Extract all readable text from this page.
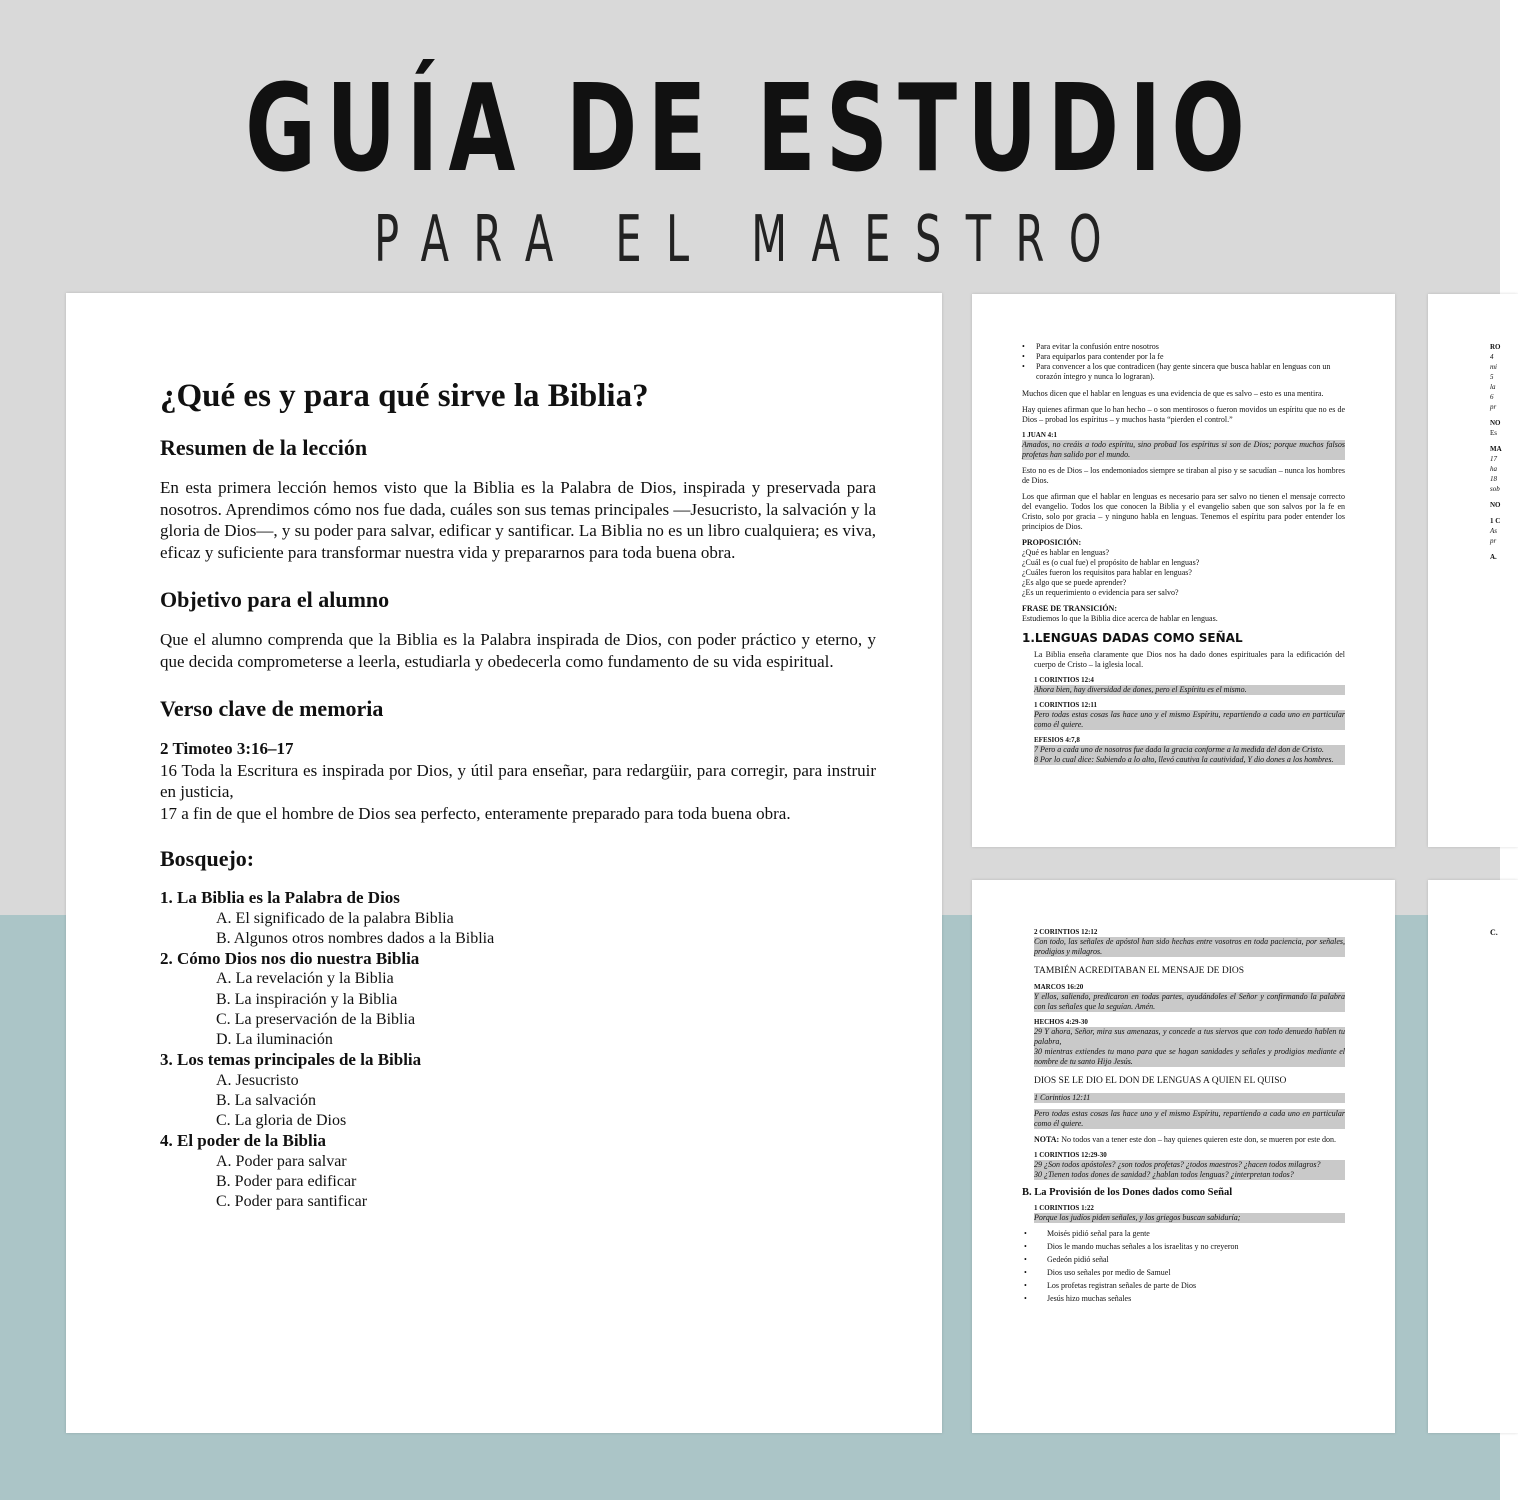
GUÍA DE ESTUDIO
PARA EL MAESTRO
¿Qué es y para qué sirve la Biblia?
Resumen de la lección

En esta primera lección hemos visto que la Biblia es la Palabra de Dios, inspirada y preservada para nosotros. Aprendimos cómo nos fue dada, cuáles son sus temas principales —Jesucristo, la salvación y la gloria de Dios—, y su poder para salvar, edificar y santificar. La Biblia no es un libro cualquiera; es viva, eficaz y suficiente para transformar nuestra vida y prepararnos para toda buena obra.

Objetivo para el alumno

Que el alumno comprenda que la Biblia es la Palabra inspirada de Dios, con poder práctico y eterno, y que decida comprometerse a leerla, estudiarla y obedecerla como fundamento de su vida espiritual.

Verso clave de memoria
2 Timoteo 3:16–17
16 Toda la Escritura es inspirada por Dios, y útil para enseñar, para redargüir, para corregir, para instruir en justicia,
17 a fin de que el hombre de Dios sea perfecto, enteramente preparado para toda buena obra.
Bosquejo:
1. La Biblia es la Palabra de Dios
A. El significado de la palabra Biblia
B. Algunos otros nombres dados a la Biblia
2. Cómo Dios nos dio nuestra Biblia
A. La revelación y la Biblia
B. La inspiración y la Biblia
C. La preservación de la Biblia
D. La iluminación
3. Los temas principales de la Biblia
A. Jesucristo
B. La salvación
C. La gloria de Dios
4. El poder de la Biblia
A. Poder para salvar
B. Poder para edificar
C. Poder para santificar
• Para evitar la confusión entre nosotros
• Para equiparlos para contender por la fe
• Para convencer a los que contradicen (hay gente sincera que busca hablar en lenguas con un corazón íntegro y nunca lo lograran).

Muchos dicen que el hablar en lenguas es una evidencia de que es salvo – esto es una mentira.

Hay quienes afirman que lo han hecho – o son mentirosos o fueron movidos un espíritu que no es de Dios – probad los espíritus – y muchos hasta “pierden el control.”

1 JUAN 4:1
Amados, no creáis a todo espíritu, sino probad los espíritus si son de Dios; porque muchos falsos profetas han salido por el mundo.

Esto no es de Dios – los endemoniados siempre se tiraban al piso y se sacudían – nunca los hombres de Dios.

Los que afirman que el hablar en lenguas es necesario para ser salvo no tienen el mensaje correcto del evangelio. Todos los que conocen la Biblia y el evangelio saben que son salvos por la fe en Cristo, solo por gracia – y ninguno habla en lenguas. Tenemos el espíritu para poder entender los principios de Dios.

PROPOSICIÓN:
¿Qué es hablar en lenguas?
¿Cuál es (o cual fue) el propósito de hablar en lenguas?
¿Cuáles fueron los requisitos para hablar en lenguas?
¿Es algo que se puede aprender?
¿Es un requerimiento o evidencia para ser salvo?
FRASE DE TRANSICIÓN:
Estudiemos lo que la Biblia dice acerca de hablar en lenguas.
1.LENGUAS DADAS COMO SEÑAL

La Biblia enseña claramente que Dios nos ha dado dones espirituales para la edificación del cuerpo de Cristo – la iglesia local.

1 CORINTIOS 12:4
Ahora bien, hay diversidad de dones, pero el Espíritu es el mismo.
1 CORINTIOS 12:11
Pero todas estas cosas las hace uno y el mismo Espíritu, repartiendo a cada uno en particular como él quiere.
EFESIOS 4:7,8
7 Pero a cada uno de nosotros fue dada la gracia conforme a la medida del don de Cristo.
8 Por lo cual dice: Subiendo a lo alto, llevó cautiva la cautividad, Y dio dones a los hombres.
2 CORINTIOS 12:12
Con todo, las señales de apóstol han sido hechas entre vosotros en toda paciencia, por señales, prodigios y milagros.
TAMBIÉN ACREDITABAN EL MENSAJE DE DIOS
MARCOS 16:20
Y ellos, saliendo, predicaron en todas partes, ayudándoles el Señor y confirmando la palabra con las señales que la seguían. Amén.
HECHOS 4:29-30
29 Y ahora, Señor, mira sus amenazas, y concede a tus siervos que con todo denuedo hablen tu palabra,
30 mientras extiendes tu mano para que se hagan sanidades y señales y prodigios mediante el nombre de tu santo Hijo Jesús.
DIOS SE LE DIO EL DON DE LENGUAS A QUIEN EL QUISO
1 Corintios 12:11
Pero todas estas cosas las hace uno y el mismo Espíritu, repartiendo a cada uno en particular como él quiere.

NOTA: No todos van a tener este don – hay quienes quieren este don, se mueren por este don.

1 CORINTIOS 12:29-30
29 ¿Son todos apóstoles? ¿son todos profetas? ¿todos maestros? ¿hacen todos milagros?
30 ¿Tienen todos dones de sanidad? ¿hablan todos lenguas? ¿interpretan todos?
B. La Provisión de los Dones dados como Señal
1 CORINTIOS 1:22
Porque los judíos piden señales, y los griegos buscan sabiduría;
• Moisés pidió señal para la gente
• Dios le mando muchas señales a los israelitas y no creyeron
• Gedeón pidió señal
• Dios uso señales por medio de Samuel
• Los profetas registran señales de parte de Dios
• Jesús hizo muchas señales
RO
4
mi
5
la
6
pr
NO
Es
MA
17
ha
18
sob
NO
1 C
As
pr
A.
C.
